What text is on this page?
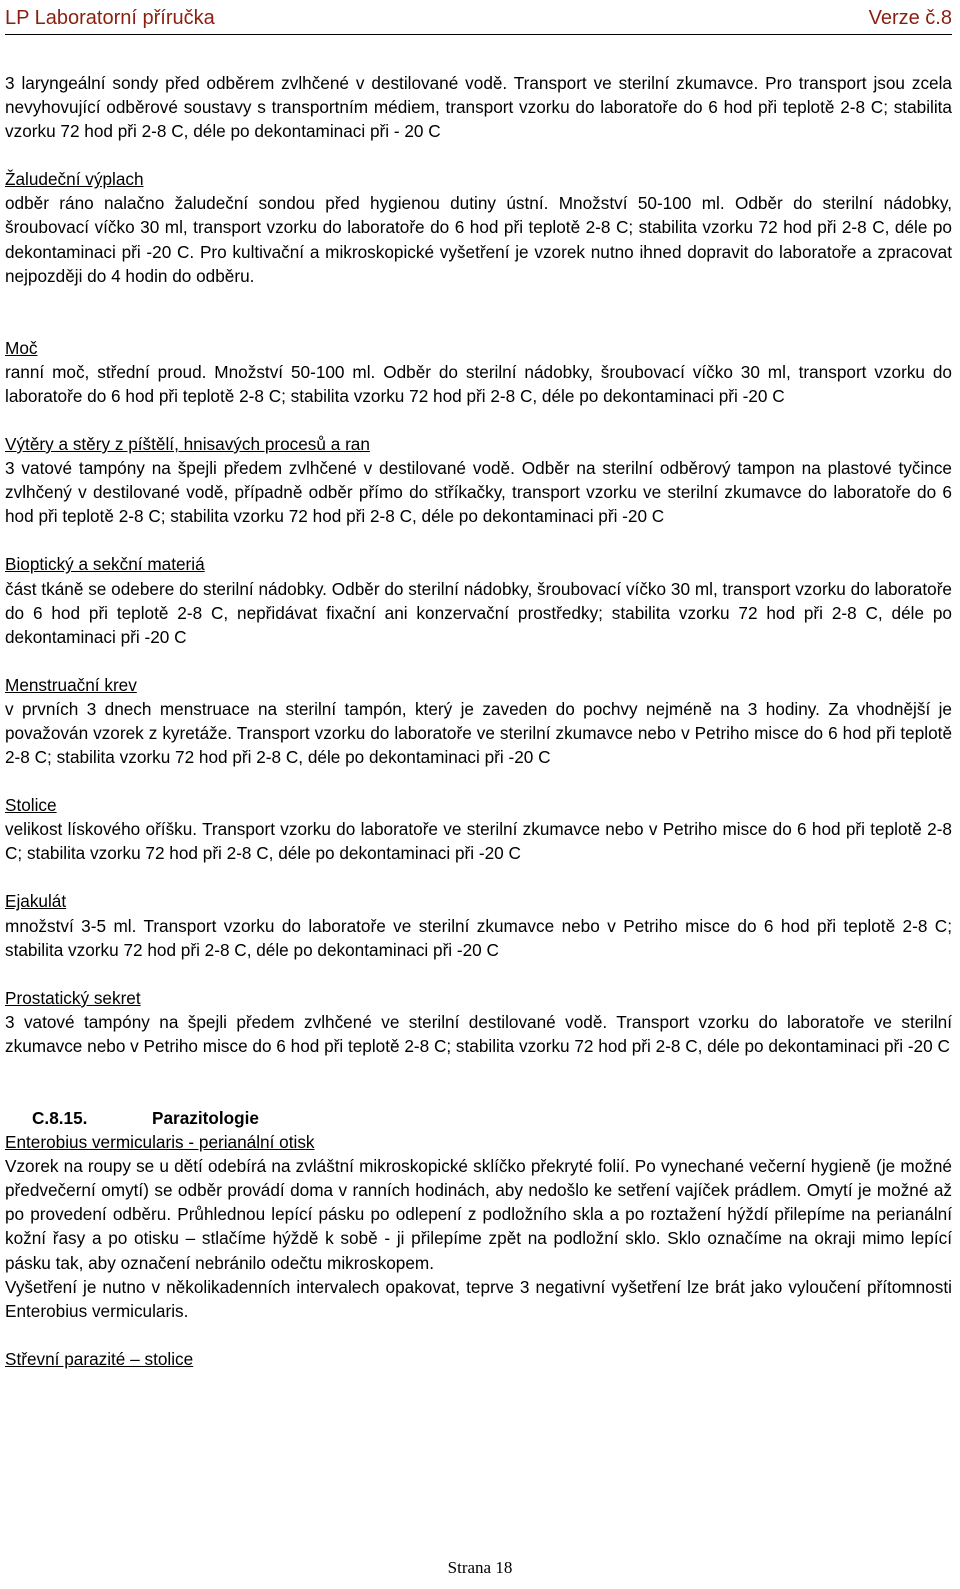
LP Laboratorní příručka	Verze č.8

3 laryngeální sondy před odběrem zvlhčené v destilované vodě. Transport ve sterilní zkumavce. Pro transport jsou zcela nevyhovující odběrové soustavy s transportním médiem, transport vzorku do laboratoře do 6 hod při teplotě 2-8 C; stabilita vzorku 72 hod při 2-8 C, déle po dekontaminaci při - 20 C

Žaludeční výplach

odběr ráno nalačno žaludeční sondou před hygienou dutiny ústní. Množství 50-100 ml. Odběr do sterilní nádobky, šroubovací víčko 30 ml, transport vzorku do laboratoře do 6 hod při teplotě 2-8 C; stabilita vzorku 72 hod při 2-8 C, déle po dekontaminaci při -20 C. Pro kultivační a mikroskopické vyšetření je vzorek nutno ihned dopravit do laboratoře a zpracovat nejpozději do 4 hodin do odběru.

Moč

ranní moč, střední proud. Množství 50-100 ml. Odběr do sterilní nádobky, šroubovací víčko 30 ml, transport vzorku do laboratoře do 6 hod při teplotě 2-8 C; stabilita vzorku 72 hod při 2-8 C, déle po dekontaminaci při -20 C

Výtěry a stěry z píštělí, hnisavých procesů a ran

3 vatové tampóny na špejli předem zvlhčené v destilované vodě. Odběr na sterilní odběrový tampon na plastové tyčince zvlhčený v destilované vodě, případně odběr přímo do stříkačky, transport vzorku ve sterilní zkumavce do laboratoře do 6 hod při teplotě 2-8 C; stabilita vzorku 72 hod při 2-8 C, déle po dekontaminaci při -20 C

Bioptický a sekční materiá

část tkáně se odebere do sterilní nádobky. Odběr do sterilní nádobky, šroubovací víčko 30 ml, transport vzorku do laboratoře do 6 hod při teplotě 2-8 C, nepřidávat fixační ani konzervační prostředky; stabilita vzorku 72 hod při 2-8 C, déle po dekontaminaci při -20 C

Menstruační krev

v prvních 3 dnech menstruace na sterilní tampón, který je zaveden do pochvy nejméně na 3 hodiny. Za vhodnější je považován vzorek z kyretáže. Transport vzorku do laboratoře ve sterilní zkumavce nebo v Petriho misce do 6 hod při teplotě 2-8 C; stabilita vzorku 72 hod při 2-8 C, déle po dekontaminaci při -20 C

Stolice

velikost lískového oříšku. Transport vzorku do laboratoře ve sterilní zkumavce nebo v Petriho misce do 6 hod při teplotě 2-8 C; stabilita vzorku 72 hod při 2-8 C, déle po dekontaminaci při -20 C

Ejakulát

množství 3-5 ml. Transport vzorku do laboratoře ve sterilní zkumavce nebo v Petriho misce do 6 hod při teplotě 2-8 C; stabilita vzorku 72 hod při 2-8 C, déle po dekontaminaci při -20 C

Prostatický sekret

3 vatové tampóny na špejli předem zvlhčené ve sterilní destilované vodě. Transport vzorku do laboratoře ve sterilní zkumavce nebo v Petriho misce do 6 hod při teplotě 2-8 C; stabilita vzorku 72 hod při 2-8 C, déle po dekontaminaci při -20 C

C.8.15.	Parazitologie

Enterobius vermicularis - perianální otisk

Vzorek na roupy se u dětí odebírá na zvláštní mikroskopické sklíčko překryté folií. Po vynechané večerní hygieně (je možné předvečerní omytí) se odběr provádí doma v ranních hodinách, aby nedošlo ke setření vajíček prádlem. Omytí je možné až po provedení odběru. Průhlednou lepící pásku po odlepení z podložního skla a po roztažení hýždí přilepíme na perianální kožní řasy a po otisku – stlačíme hýždě k sobě - ji přilepíme zpět na podložní sklo. Sklo označíme na okraji mimo lepící pásku tak, aby označení nebránilo odečtu mikroskopem.

Vyšetření je nutno v několikadenních intervalech opakovat, teprve 3 negativní vyšetření lze brát jako vyloučení přítomnosti Enterobius vermicularis.

Střevní parazité – stolice

Strana 18
